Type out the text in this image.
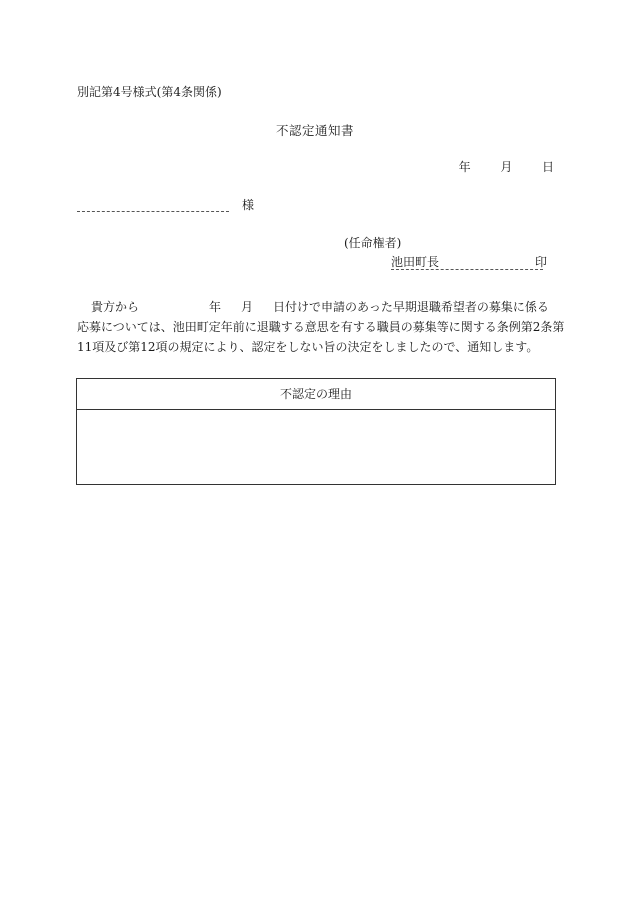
別記第4号様式(第4条関係)
不認定通知書
年 月 日
様
(任命権者)
池田町長	印
貴方から	年 月 日付けで申請のあった早期退職希望者の募集に係る
応募については、池田町定年前に退職する意思を有する職員の募集等に関する条例第2条第
11項及び第12項の規定により、認定をしない旨の決定をしましたので、通知します。
不認定の理由
